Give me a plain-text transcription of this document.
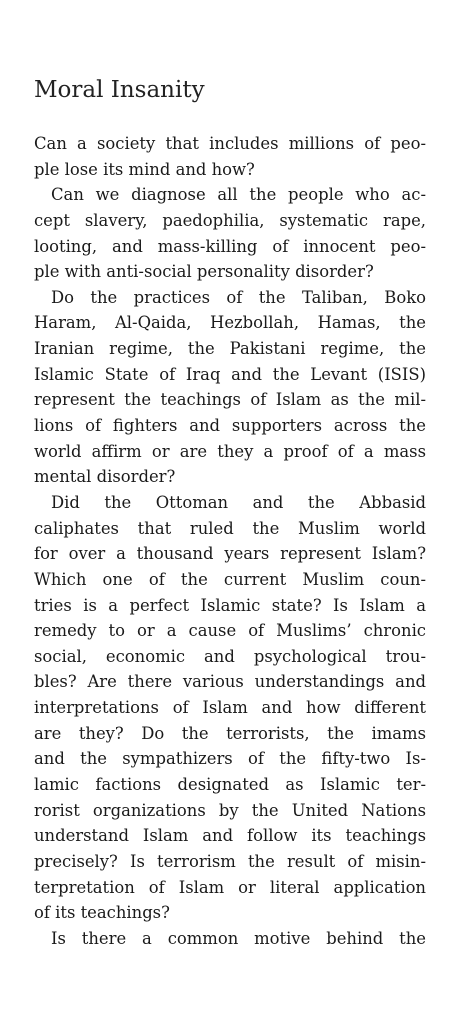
Moral Insanity
Can a society that includes millions of peo-
ple lose its mind and how?
Can we diagnose all the people who ac-
cept slavery, paedophilia, systematic rape,
looting, and mass-killing of innocent peo-
ple with anti-social personality disorder?
Do the practices of the Taliban, Boko
Haram, Al-Qaida, Hezbollah, Hamas, the
Iranian regime, the Pakistani regime, the
Islamic State of Iraq and the Levant (ISIS)
represent the teachings of Islam as the mil-
lions of fighters and supporters across the
world affirm or are they a proof of a mass
mental disorder?
Did the Ottoman and the Abbasid
caliphates that ruled the Muslim world
for over a thousand years represent Islam?
Which one of the current Muslim coun-
tries is a perfect Islamic state? Is Islam a
remedy to or a cause of Muslims’ chronic
social, economic and psychological trou-
bles? Are there various understandings and
interpretations of Islam and how different
are they? Do the terrorists, the imams
and the sympathizers of the fifty-two Is-
lamic factions designated as Islamic ter-
rorist organizations by the United Nations
understand Islam and follow its teachings
precisely? Is terrorism the result of misin-
terpretation of Islam or literal application
of its teachings?
Is there a common motive behind the
